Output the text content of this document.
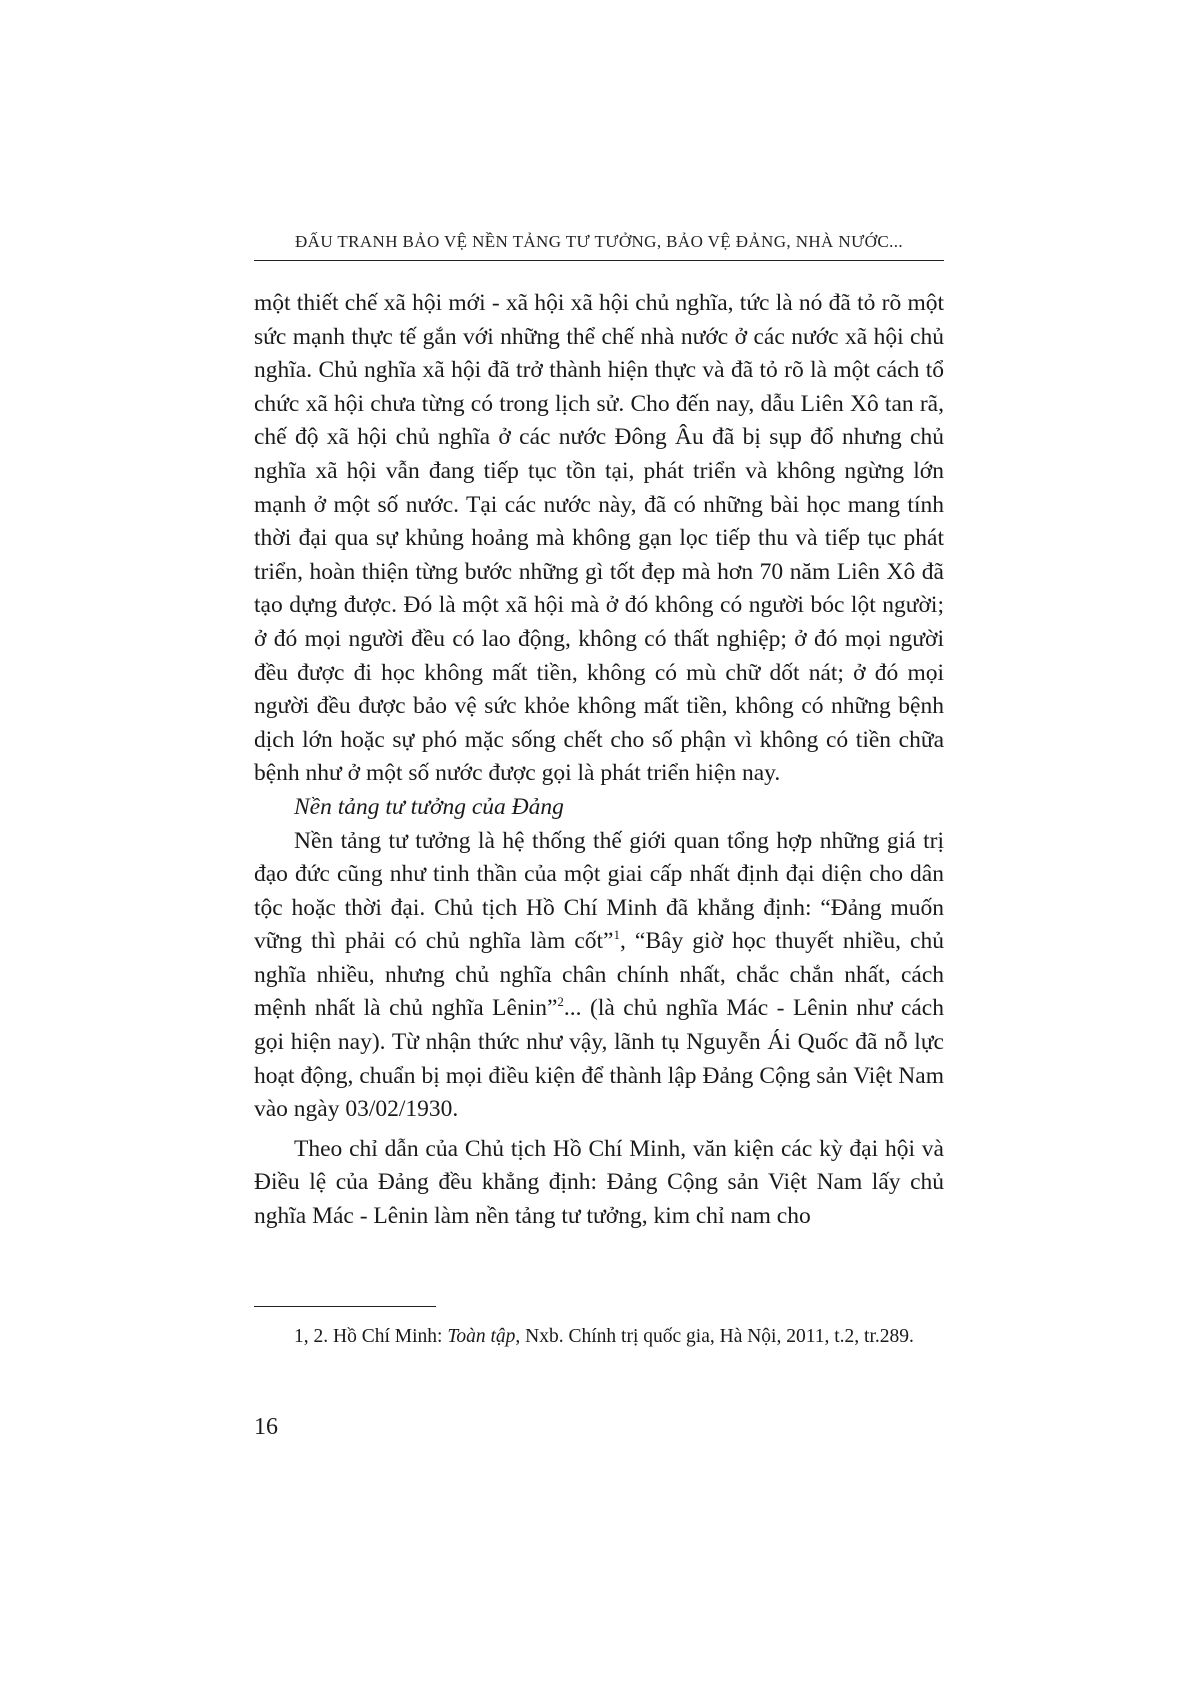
ĐẤU TRANH BẢO VỆ NỀN TẢNG TƯ TƯỞNG, BẢO VỆ ĐẢNG, NHÀ NƯỚC...

một thiết chế xã hội mới - xã hội xã hội chủ nghĩa, tức là nó đã tỏ rõ một sức mạnh thực tế gắn với những thể chế nhà nước ở các nước xã hội chủ nghĩa. Chủ nghĩa xã hội đã trở thành hiện thực và đã tỏ rõ là một cách tổ chức xã hội chưa từng có trong lịch sử. Cho đến nay, dẫu Liên Xô tan rã, chế độ xã hội chủ nghĩa ở các nước Đông Âu đã bị sụp đổ nhưng chủ nghĩa xã hội vẫn đang tiếp tục tồn tại, phát triển và không ngừng lớn mạnh ở một số nước. Tại các nước này, đã có những bài học mang tính thời đại qua sự khủng hoảng mà không gạn lọc tiếp thu và tiếp tục phát triển, hoàn thiện từng bước những gì tốt đẹp mà hơn 70 năm Liên Xô đã tạo dựng được. Đó là một xã hội mà ở đó không có người bóc lột người; ở đó mọi người đều có lao động, không có thất nghiệp; ở đó mọi người đều được đi học không mất tiền, không có mù chữ dốt nát; ở đó mọi người đều được bảo vệ sức khỏe không mất tiền, không có những bệnh dịch lớn hoặc sự phó mặc sống chết cho số phận vì không có tiền chữa bệnh như ở một số nước được gọi là phát triển hiện nay.

Nền tảng tư tưởng của Đảng

Nền tảng tư tưởng là hệ thống thế giới quan tổng hợp những giá trị đạo đức cũng như tinh thần của một giai cấp nhất định đại diện cho dân tộc hoặc thời đại. Chủ tịch Hồ Chí Minh đã khẳng định: “Đảng muốn vững thì phải có chủ nghĩa làm cốt”$^1$, “Bây giờ học thuyết nhiều, chủ nghĩa nhiều, nhưng chủ nghĩa chân chính nhất, chắc chắn nhất, cách mệnh nhất là chủ nghĩa Lênin”$^2$... (là chủ nghĩa Mác - Lênin như cách gọi hiện nay). Từ nhận thức như vậy, lãnh tụ Nguyễn Ái Quốc đã nỗ lực hoạt động, chuẩn bị mọi điều kiện để thành lập Đảng Cộng sản Việt Nam vào ngày 03/02/1930.

Theo chỉ dẫn của Chủ tịch Hồ Chí Minh, văn kiện các kỳ đại hội và Điều lệ của Đảng đều khẳng định: Đảng Cộng sản Việt Nam lấy chủ nghĩa Mác - Lênin làm nền tảng tư tưởng, kim chỉ nam cho

1, 2. Hồ Chí Minh: Toàn tập, Nxb. Chính trị quốc gia, Hà Nội, 2011, t.2, tr.289.
16
